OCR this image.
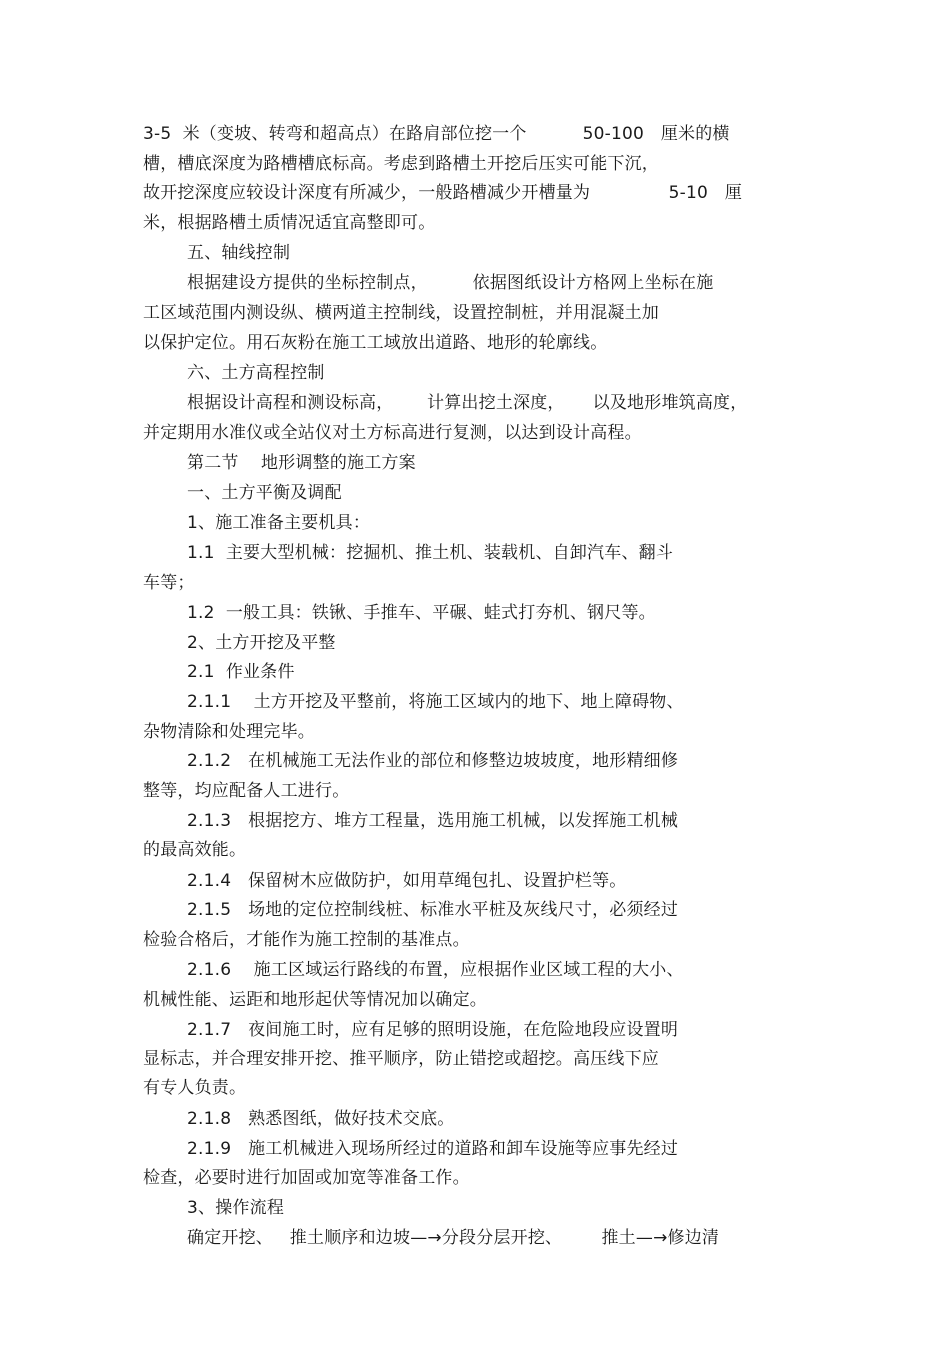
3-5  米（变坡、转弯和超高点）在路肩部位挖一个          50-100   厘米的横
槽，槽底深度为路槽槽底标高。考虑到路槽土开挖后压实可能下沉，
故开挖深度应较设计深度有所减少，一般路槽减少开槽量为              5-10   厘
米，根据路槽土质情况适宜高整即可。
五、轴线控制
根据建设方提供的坐标控制点，        依据图纸设计方格网上坐标在施
工区域范围内测设纵、横两道主控制线，设置控制桩，并用混凝土加
以保护定位。用石灰粉在施工工域放出道路、地形的轮廓线。
六、土方高程控制
根据设计高程和测设标高，      计算出挖土深度，     以及地形堆筑高度，
并定期用水准仪或全站仪对土方标高进行复测，以达到设计高程。
第二节    地形调整的施工方案
一、土方平衡及调配
1、施工准备主要机具：
1.1  主要大型机械：挖掘机、推土机、装载机、自卸汽车、翻斗
车等；
1.2  一般工具：铁锹、手推车、平碾、蛙式打夯机、钢尺等。
2、土方开挖及平整
2.1  作业条件
2.1.1    土方开挖及平整前，将施工区域内的地下、地上障碍物、
杂物清除和处理完毕。
2.1.2   在机械施工无法作业的部位和修整边坡坡度，地形精细修
整等，均应配备人工进行。
2.1.3   根据挖方、堆方工程量，选用施工机械，以发挥施工机械
的最高效能。
2.1.4   保留树木应做防护，如用草绳包扎、设置护栏等。
2.1.5   场地的定位控制线桩、标准水平桩及灰线尺寸，必须经过
检验合格后，才能作为施工控制的基准点。
2.1.6    施工区域运行路线的布置，应根据作业区域工程的大小、
机械性能、运距和地形起伏等情况加以确定。
2.1.7   夜间施工时，应有足够的照明设施，在危险地段应设置明
显标志，并合理安排开挖、推平顺序，防止错挖或超挖。高压线下应
有专人负责。
2.1.8   熟悉图纸，做好技术交底。
2.1.9   施工机械进入现场所经过的道路和卸车设施等应事先经过
检查，必要时进行加固或加宽等准备工作。
3、操作流程
确定开挖、   推土顺序和边坡—→分段分层开挖、       推土—→修边清
